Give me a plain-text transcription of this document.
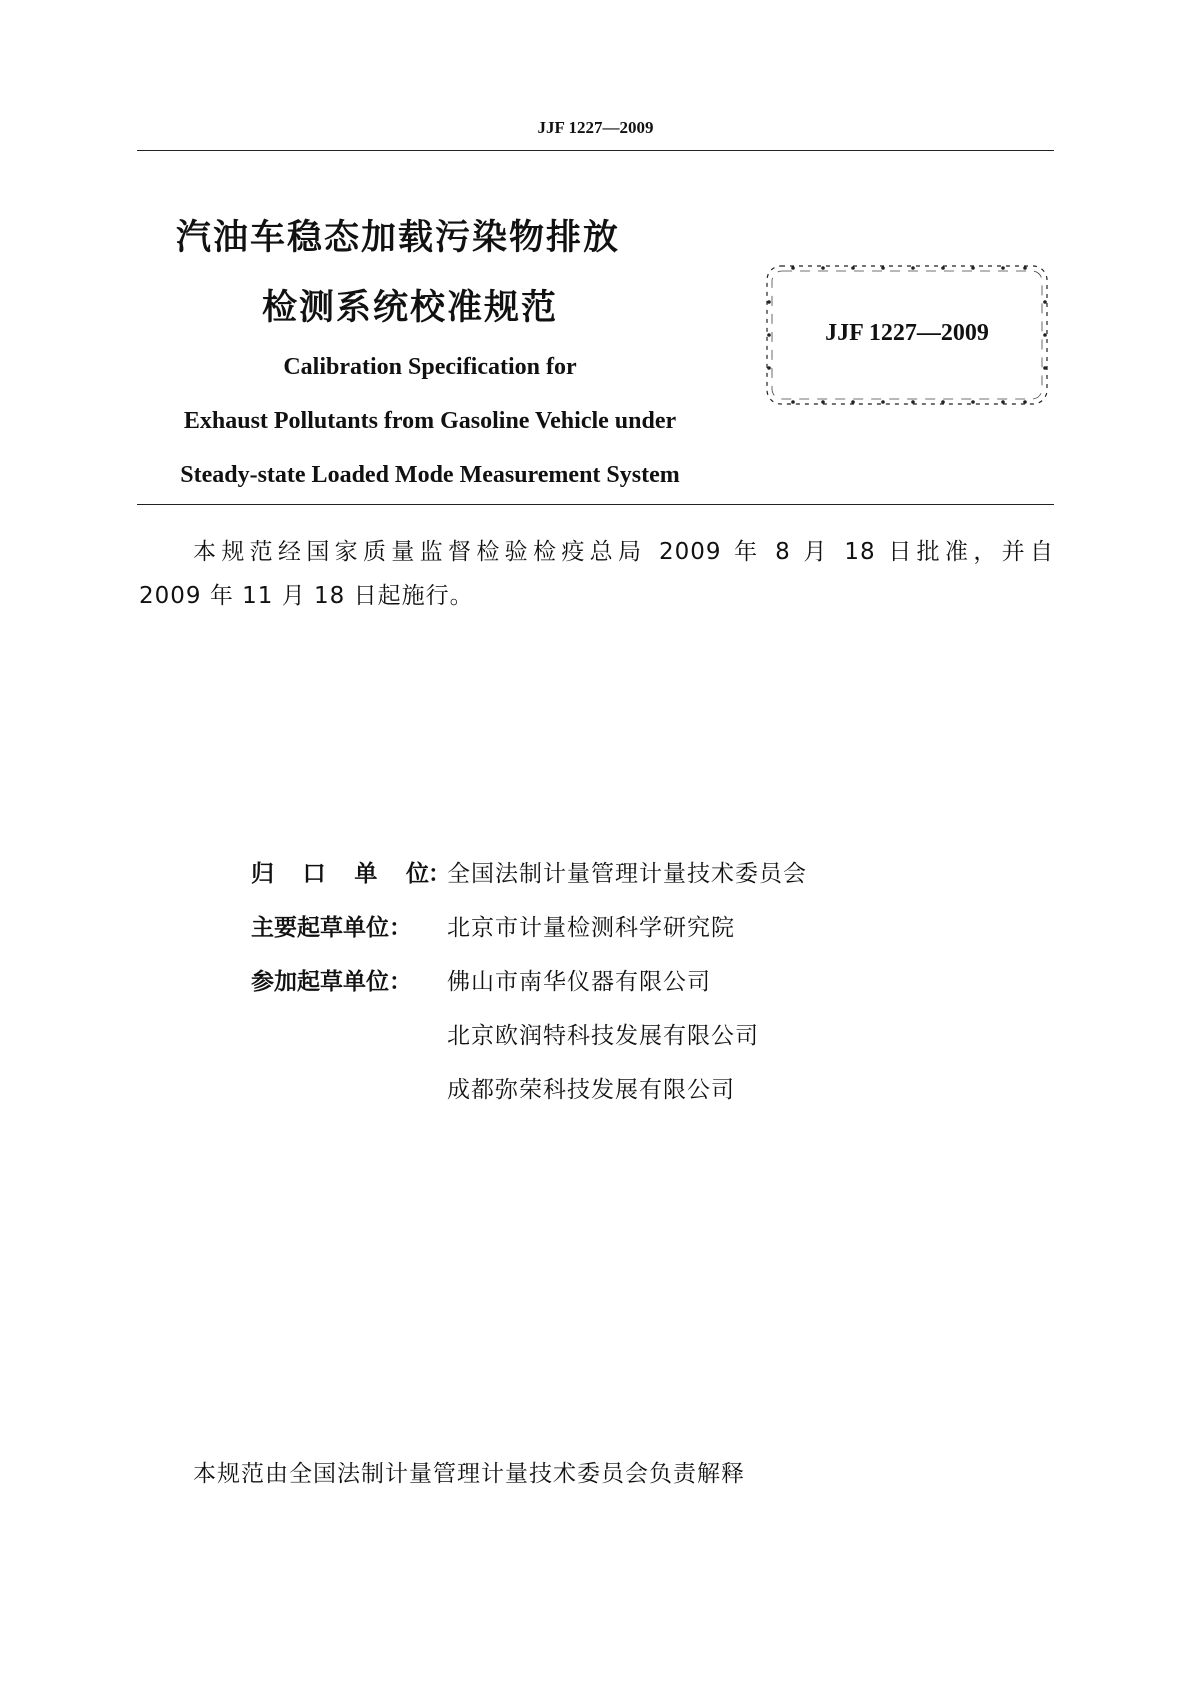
JJF 1227—2009
汽油车稳态加载污染物排放
检测系统校准规范
Calibration Specification for
Exhaust Pollutants from Gasoline Vehicle under
Steady-state Loaded Mode Measurement System
JJF 1227—2009
本规范经国家质量监督检验检疫总局 2009 年 8 月 18 日批准，并自
2009 年 11 月 18 日起施行。
归 口 单 位 ：
全国法制计量管理计量技术委员会
主要起草单位：	北京市计量检测科学研究院
参加起草单位：	佛山市南华仪器有限公司
北京欧润特科技发展有限公司
成都弥荣科技发展有限公司
本规范由全国法制计量管理计量技术委员会负责解释
